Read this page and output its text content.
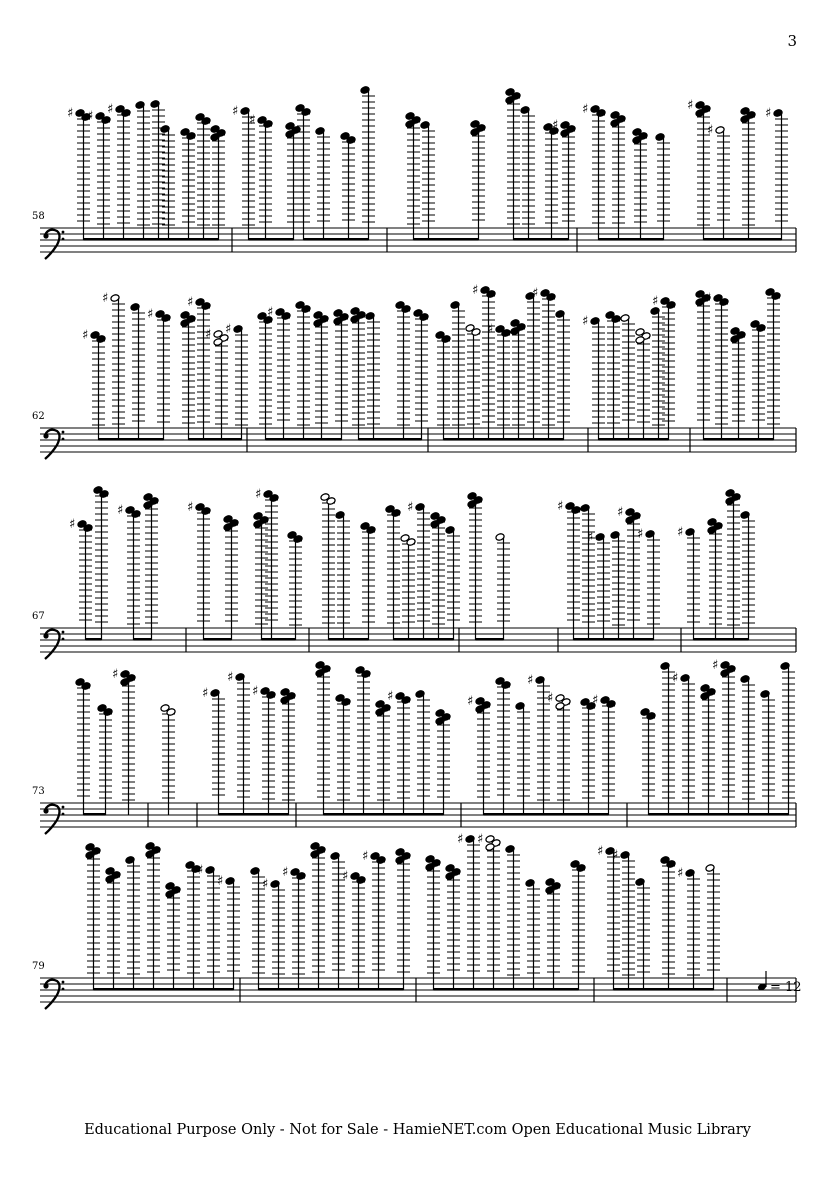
3
58
♯ ♯ ♯	♯
♯	♯
♯	♯
♯
♯
62
♯
♯
♯
♯
♯ ♯
♯
♯
♯
♯
♯
♯	♯
67
♯
♯	♯
♯
♯	♯
♯
♯
♯	♯
73
♯
♯
♯
♯	♯	♯
♯
♯	♯
♯
♯
79
♯
♯	♯
♯	♯
♯
♯ ♯
♯ ♯
♯
= 12
Educational Purpose Only - Not for Sale - HamieNET.com Open Educational Music Library
